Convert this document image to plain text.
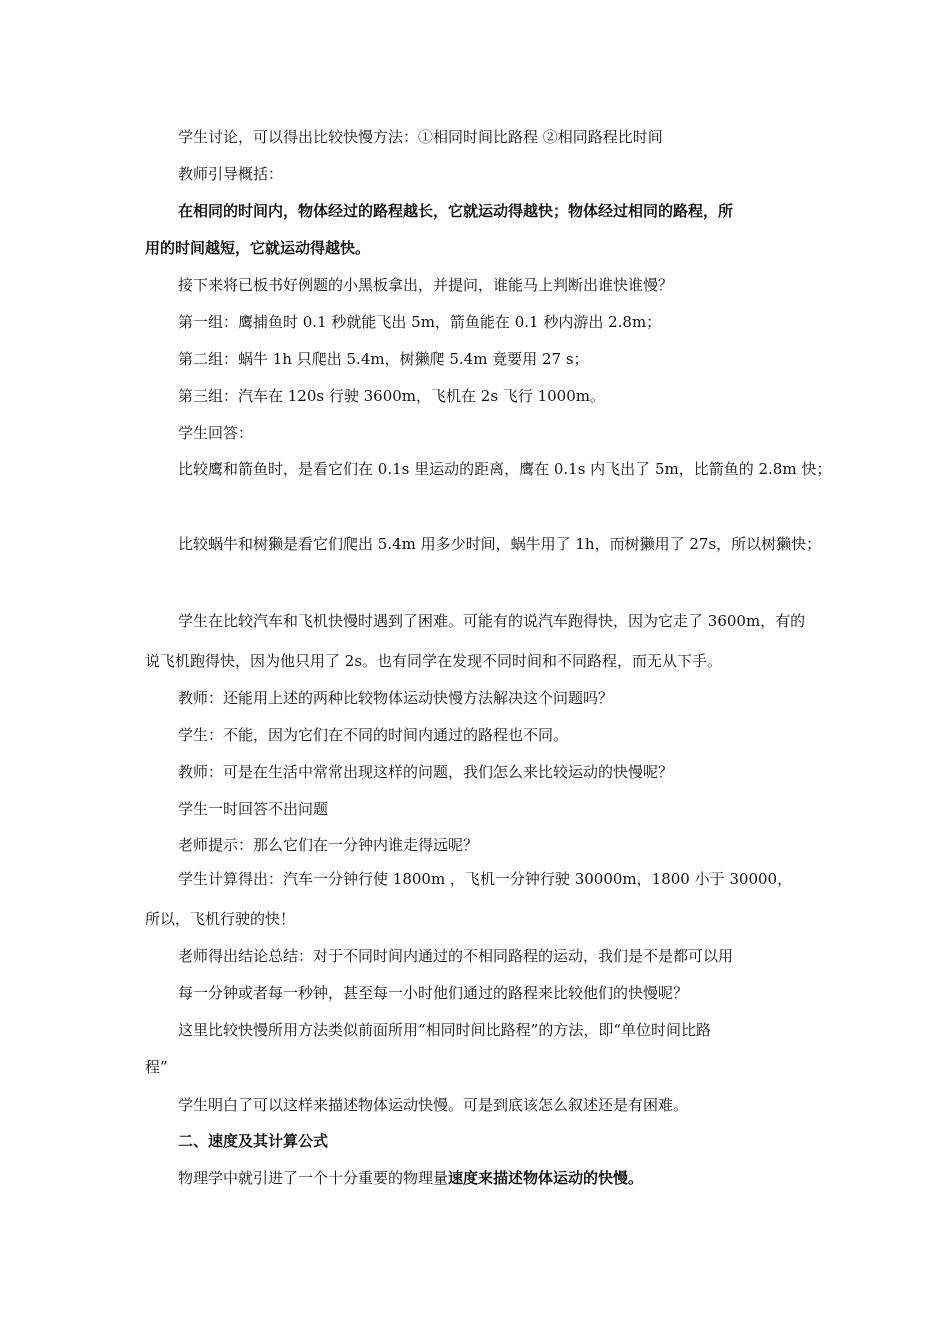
学生讨论，可以得出比较快慢方法：①相同时间比路程 ②相同路程比时间
教师引导概括：
在相同的时间内，物体经过的路程越长，它就运动得越快；物体经过相同的路程，所
用的时间越短，它就运动得越快。
接下来将已板书好例题的小黑板拿出，并提问，谁能马上判断出谁快谁慢？
第一组：鹰捕鱼时 0.1 秒就能飞出 5m，箭鱼能在 0.1 秒内游出 2.8m；
第二组：蜗牛 1h 只爬出 5.4m，树獭爬 5.4m 竟要用 27 s；
第三组：汽车在 120s 行驶 3600m，飞机在 2s 飞行 1000m。
学生回答：
比较鹰和箭鱼时，是看它们在 0.1s 里运动的距离，鹰在 0.1s 内飞出了 5m，比箭鱼的 2.8m 快；
比较蜗牛和树獭是看它们爬出 5.4m 用多少时间，蜗牛用了 1h，而树獭用了 27s，所以树獭快；
学生在比较汽车和飞机快慢时遇到了困难。可能有的说汽车跑得快，因为它走了 3600m，有的
说飞机跑得快，因为他只用了 2s。也有同学在发现不同时间和不同路程，而无从下手。
教师：还能用上述的两种比较物体运动快慢方法解决这个问题吗？
学生：不能，因为它们在不同的时间内通过的路程也不同。
教师：可是在生活中常常出现这样的问题，我们怎么来比较运动的快慢呢？
学生一时回答不出问题
老师提示：那么它们在一分钟内谁走得远呢？
学生计算得出：汽车一分钟行使 1800m ，飞机一分钟行驶 30000m，1800 小于 30000，
所以，飞机行驶的快！
老师得出结论总结：对于不同时间内通过的不相同路程的运动，我们是不是都可以用
每一分钟或者每一秒钟，甚至每一小时他们通过的路程来比较他们的快慢呢？
这里比较快慢所用方法类似前面所用“相同时间比路程”的方法，即“单位时间比路
程”
学生明白了可以这样来描述物体运动快慢。可是到底该怎么叙述还是有困难。
二、速度及其计算公式
物理学中就引进了一个十分重要的物理量速度来描述物体运动的快慢。
